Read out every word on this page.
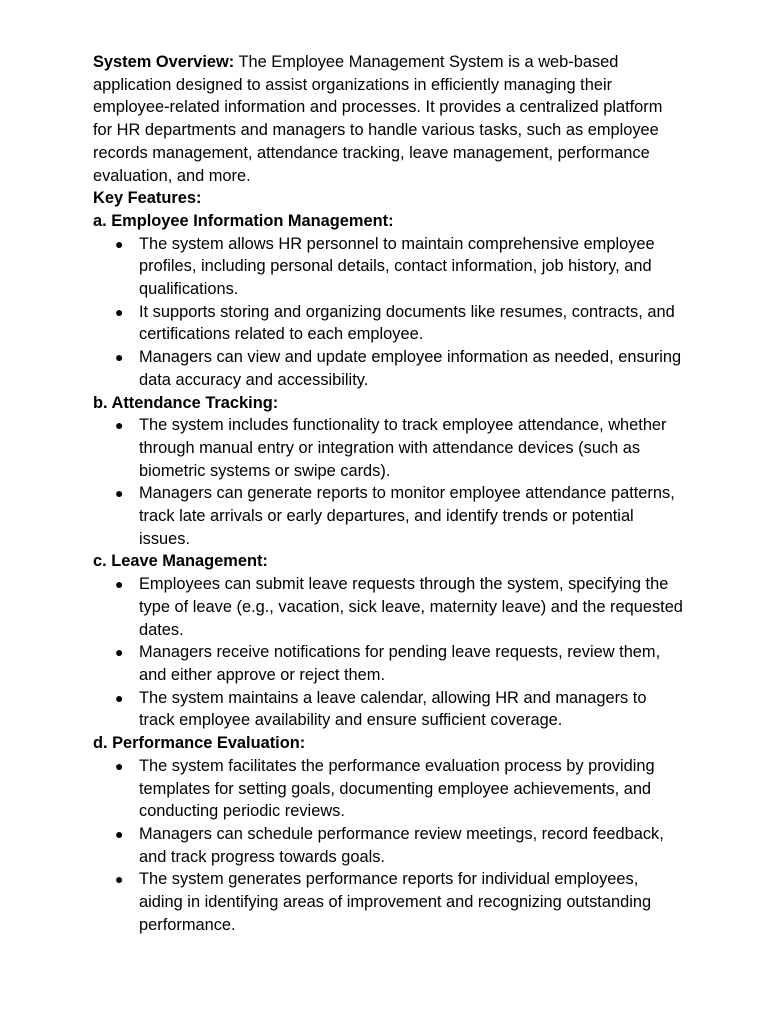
System Overview: The Employee Management System is a web-based application designed to assist organizations in efficiently managing their employee-related information and processes. It provides a centralized platform for HR departments and managers to handle various tasks, such as employee records management, attendance tracking, leave management, performance evaluation, and more.

Key Features:

a. Employee Information Management:

● The system allows HR personnel to maintain comprehensive employee profiles, including personal details, contact information, job history, and qualifications.
● It supports storing and organizing documents like resumes, contracts, and certifications related to each employee.
● Managers can view and update employee information as needed, ensuring data accuracy and accessibility.

b. Attendance Tracking:

● The system includes functionality to track employee attendance, whether through manual entry or integration with attendance devices (such as biometric systems or swipe cards).
● Managers can generate reports to monitor employee attendance patterns, track late arrivals or early departures, and identify trends or potential issues.

c. Leave Management:

● Employees can submit leave requests through the system, specifying the type of leave (e.g., vacation, sick leave, maternity leave) and the requested dates.
● Managers receive notifications for pending leave requests, review them, and either approve or reject them.
● The system maintains a leave calendar, allowing HR and managers to track employee availability and ensure sufficient coverage.

d. Performance Evaluation:

● The system facilitates the performance evaluation process by providing templates for setting goals, documenting employee achievements, and conducting periodic reviews.
● Managers can schedule performance review meetings, record feedback, and track progress towards goals.
● The system generates performance reports for individual employees, aiding in identifying areas of improvement and recognizing outstanding performance.
